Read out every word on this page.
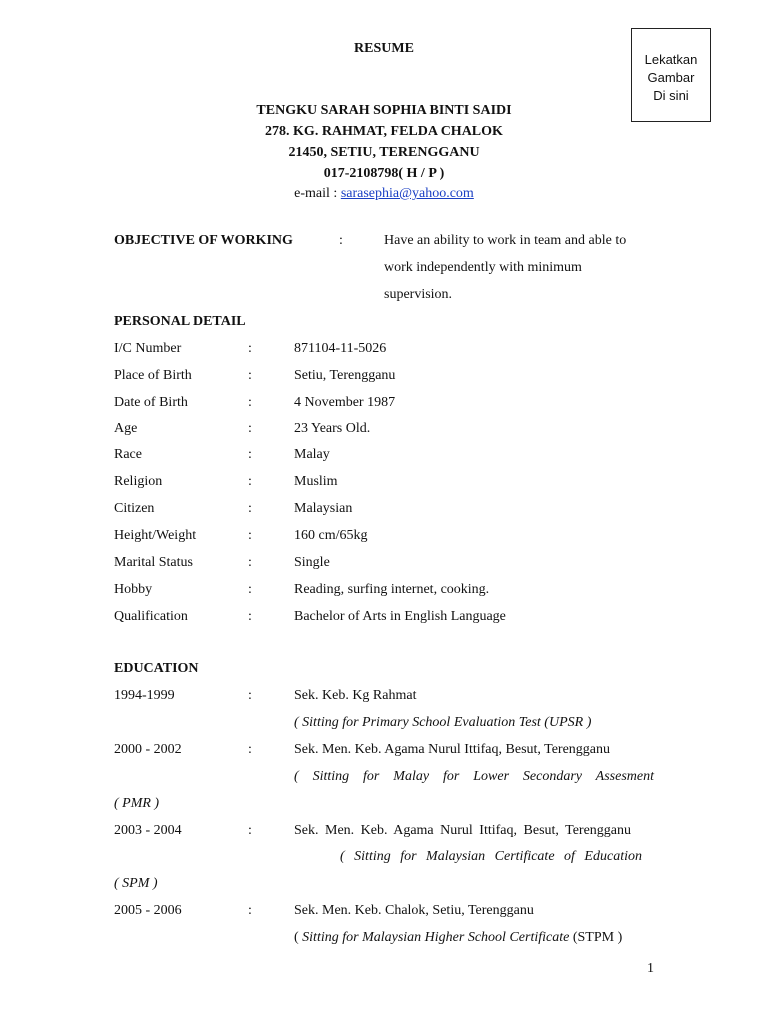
Lekatkan
Gambar
Di sini
RESUME
TENGKU SARAH SOPHIA BINTI SAIDI
278. KG. RAHMAT, FELDA CHALOK
21450, SETIU, TERENGGANU
017-2108798( H / P )
e-mail : sarasephia@yahoo.com
OBJECTIVE OF WORKING	:	Have an ability to work in team and able to
work independently with minimum
supervision.
PERSONAL DETAIL
I/C Number	:	871104-11-5026
Place of Birth	:	Setiu, Terengganu
Date of Birth	:	4 November 1987
Age	:	23 Years Old.
Race	:	Malay
Religion	:	Muslim
Citizen	:	Malaysian
Height/Weight	:	160 cm/65kg
Marital Status	:	Single
Hobby	:	Reading, surfing internet, cooking.
Qualification	:	Bachelor of Arts in English Language
EDUCATION
1994-1999	:	Sek. Keb. Kg Rahmat
( Sitting for Primary School Evaluation Test (UPSR )
2000 - 2002	:	Sek. Men. Keb. Agama Nurul Ittifaq, Besut, Terengganu
( Sitting for Malay for Lower Secondary Assesment
( PMR )
2003 - 2004	:	Sek. Men. Keb. Agama Nurul Ittifaq, Besut, Terengganu
( Sitting for Malaysian Certificate of Education
( SPM )
2005 - 2006	:	Sek. Men. Keb. Chalok, Setiu, Terengganu
( Sitting for Malaysian Higher School Certificate (STPM )
1
